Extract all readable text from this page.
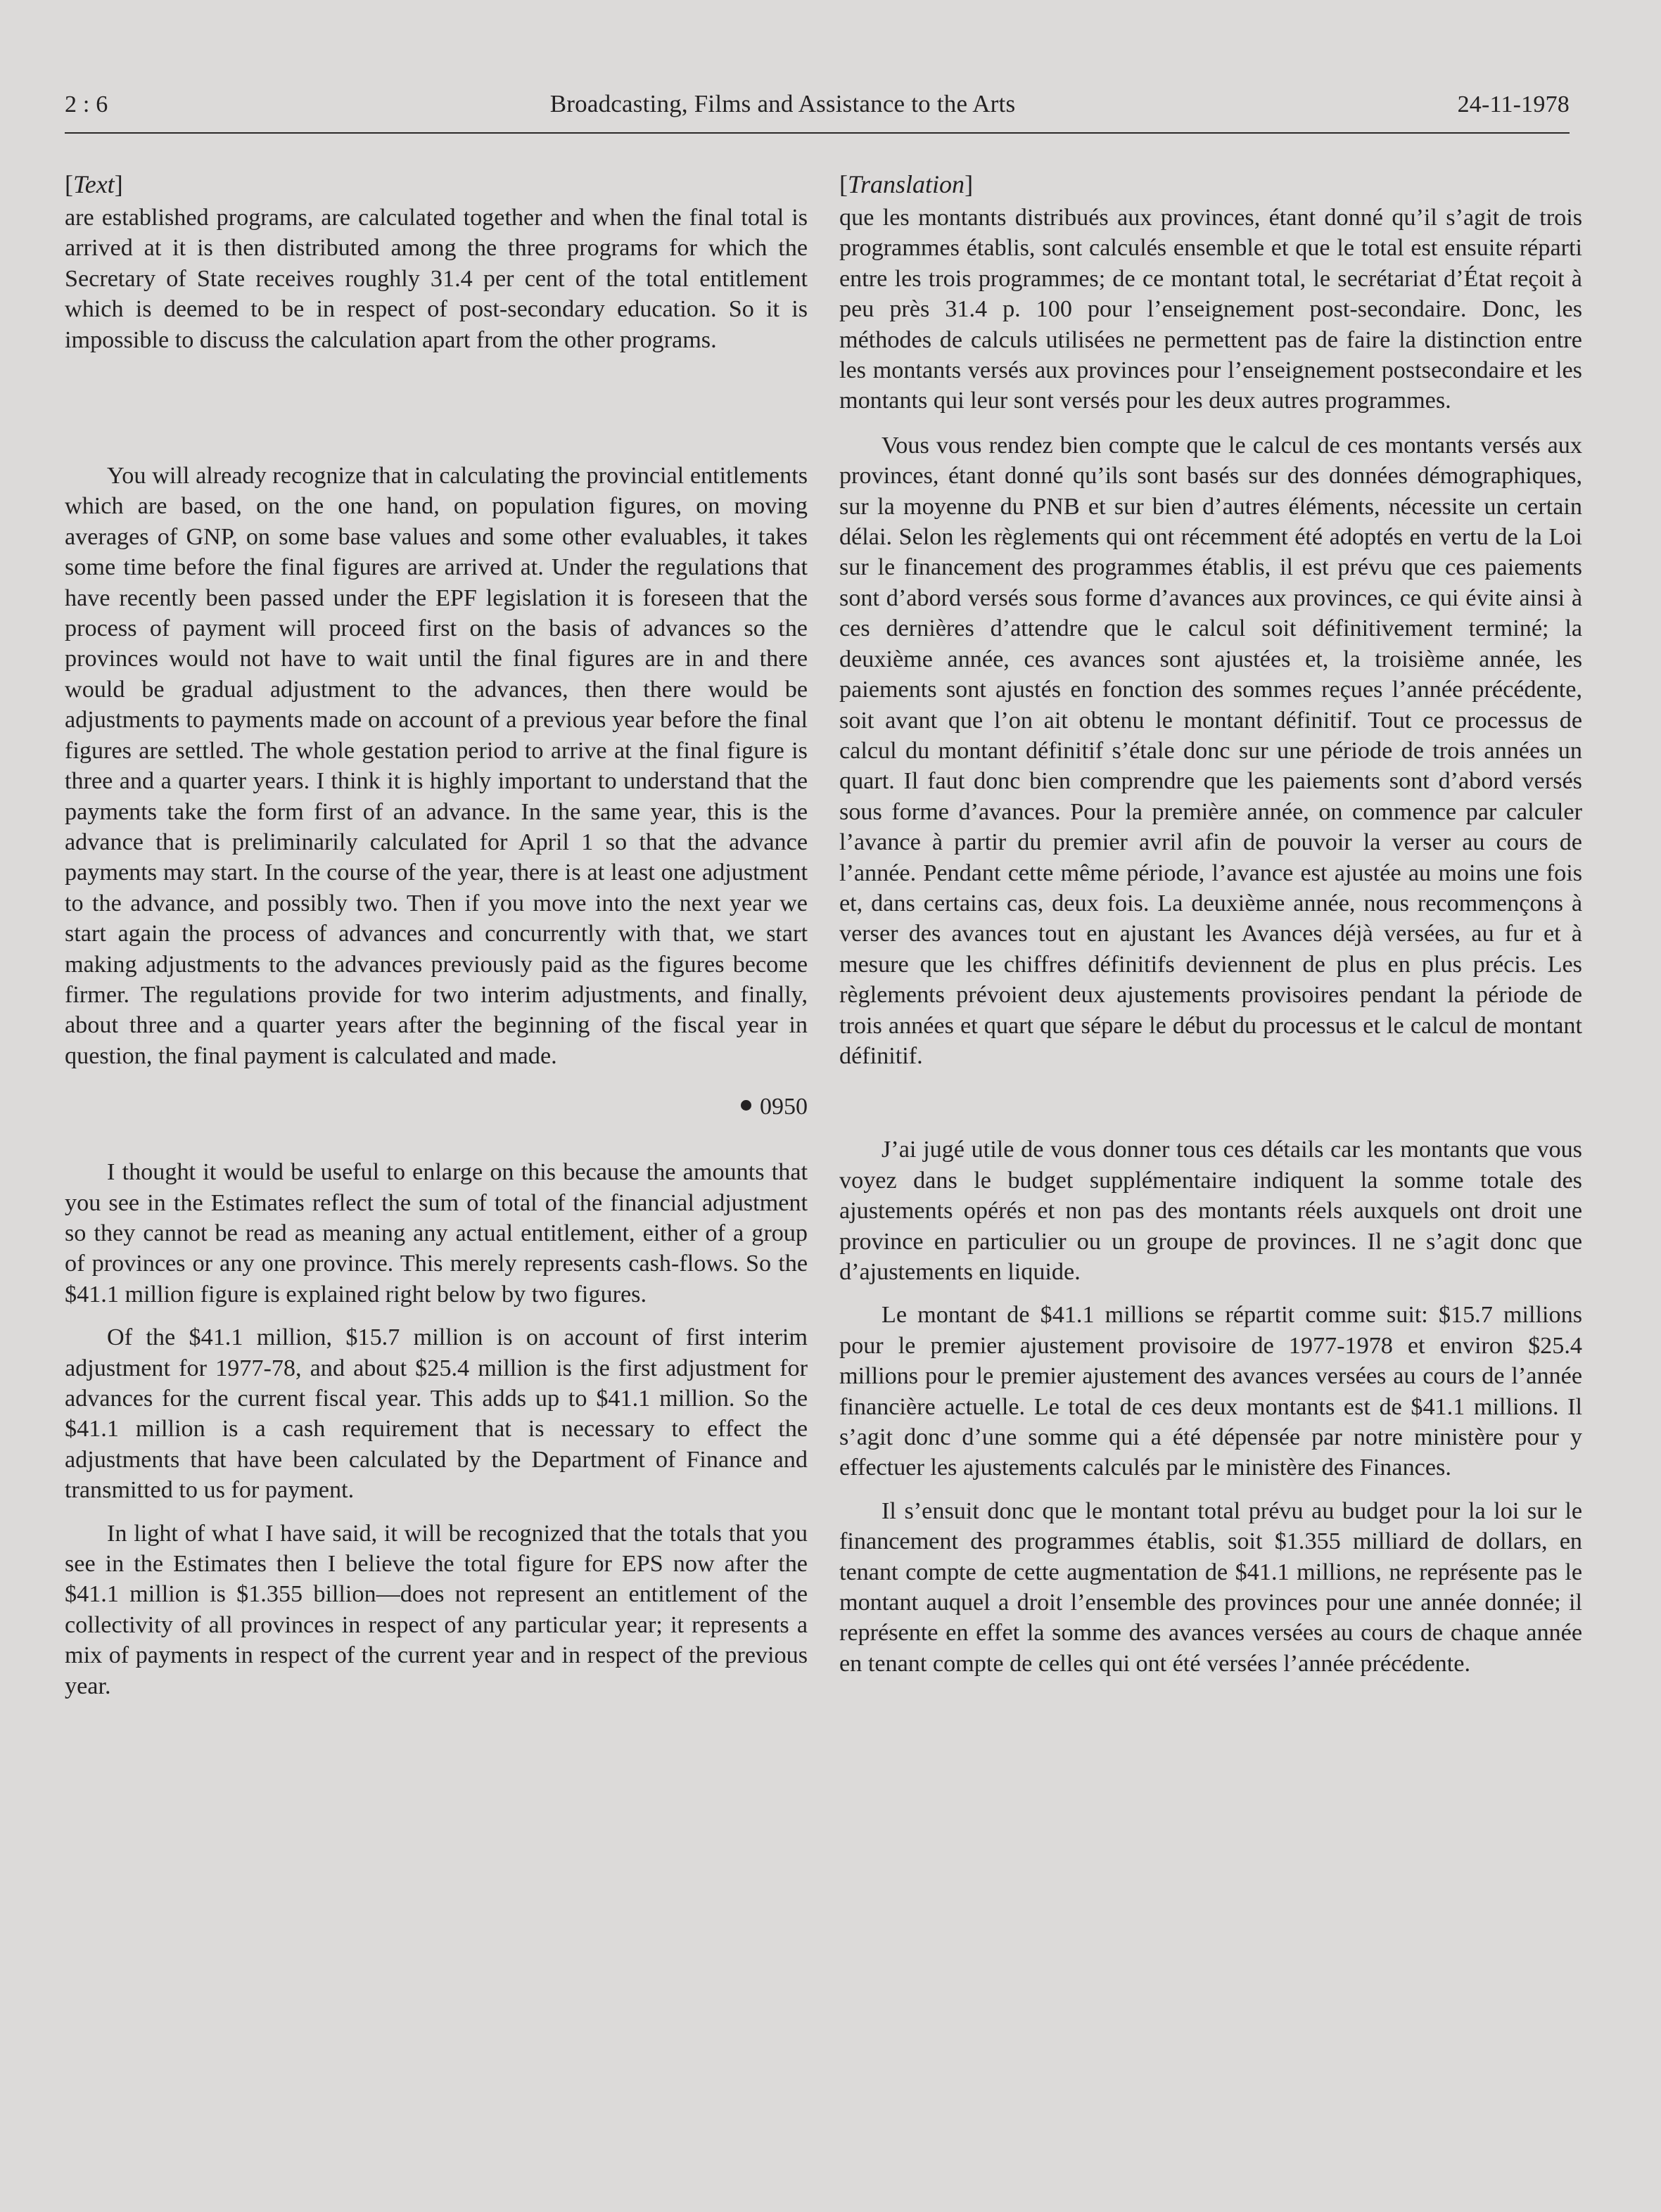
2 : 6	Broadcasting, Films and Assistance to the Arts	24-11-1978
[Text]

are established programs, are calculated together and when the final total is arrived at it is then distributed among the three programs for which the Secretary of State receives roughly 31.4 per cent of the total entitlement which is deemed to be in respect of post-secondary education. So it is impossible to discuss the calculation apart from the other programs.

You will already recognize that in calculating the provincial entitlements which are based, on the one hand, on population figures, on moving averages of GNP, on some base values and some other evaluables, it takes some time before the final figures are arrived at. Under the regulations that have recently been passed under the EPF legislation it is foreseen that the process of payment will proceed first on the basis of advances so the provinces would not have to wait until the final figures are in and there would be gradual adjustment to the advances, then there would be adjustments to payments made on account of a previous year before the final figures are settled. The whole gestation period to arrive at the final figure is three and a quarter years. I think it is highly important to understand that the payments take the form first of an advance. In the same year, this is the advance that is preliminarily calculated for April 1 so that the advance payments may start. In the course of the year, there is at least one adjustment to the advance, and possibly two. Then if you move into the next year we start again the process of advances and concurrently with that, we start making adjustments to the advances previously paid as the figures become firmer. The regulations provide for two interim adjustments, and finally, about three and a quarter years after the beginning of the fiscal year in question, the final payment is calculated and made.

0950

I thought it would be useful to enlarge on this because the amounts that you see in the Estimates reflect the sum of total of the financial adjustment so they cannot be read as meaning any actual entitlement, either of a group of provinces or any one province. This merely represents cash-flows. So the $41.1 million figure is explained right below by two figures.

Of the $41.1 million, $15.7 million is on account of first interim adjustment for 1977-78, and about $25.4 million is the first adjustment for advances for the current fiscal year. This adds up to $41.1 million. So the $41.1 million is a cash requirement that is necessary to effect the adjustments that have been calculated by the Department of Finance and transmitted to us for payment.

In light of what I have said, it will be recognized that the totals that you see in the Estimates then I believe the total figure for EPS now after the $41.1 million is $1.355 billion—does not represent an entitlement of the collectivity of all provinces in respect of any particular year; it represents a mix of payments in respect of the current year and in respect of the previous year.

[Translation]

que les montants distribués aux provinces, étant donné qu’il s’agit de trois programmes établis, sont calculés ensemble et que le total est ensuite réparti entre les trois programmes; de ce montant total, le secrétariat d’État reçoit à peu près 31.4 p. 100 pour l’enseignement post-secondaire. Donc, les méthodes de calculs utilisées ne permettent pas de faire la distinction entre les montants versés aux provinces pour l’enseignement postsecondaire et les montants qui leur sont versés pour les deux autres programmes.

Vous vous rendez bien compte que le calcul de ces montants versés aux provinces, étant donné qu’ils sont basés sur des données démographiques, sur la moyenne du PNB et sur bien d’autres éléments, nécessite un certain délai. Selon les règlements qui ont récemment été adoptés en vertu de la Loi sur le financement des programmes établis, il est prévu que ces paiements sont d’abord versés sous forme d’avances aux provinces, ce qui évite ainsi à ces dernières d’attendre que le calcul soit définitivement terminé; la deuxième année, ces avances sont ajustées et, la troisième année, les paiements sont ajustés en fonction des sommes reçues l’année précédente, soit avant que l’on ait obtenu le montant définitif. Tout ce processus de calcul du montant définitif s’étale donc sur une période de trois années un quart. Il faut donc bien comprendre que les paiements sont d’abord versés sous forme d’avances. Pour la première année, on commence par calculer l’avance à partir du premier avril afin de pouvoir la verser au cours de l’année. Pendant cette même période, l’avance est ajustée au moins une fois et, dans certains cas, deux fois. La deuxième année, nous recommençons à verser des avances tout en ajustant les Avances déjà versées, au fur et à mesure que les chiffres définitifs deviennent de plus en plus précis. Les règlements prévoient deux ajustements provisoires pendant la période de trois années et quart que sépare le début du processus et le calcul de montant définitif.

J’ai jugé utile de vous donner tous ces détails car les montants que vous voyez dans le budget supplémentaire indiquent la somme totale des ajustements opérés et non pas des montants réels auxquels ont droit une province en particulier ou un groupe de provinces. Il ne s’agit donc que d’ajustements en liquide.

Le montant de $41.1 millions se répartit comme suit: $15.7 millions pour le premier ajustement provisoire de 1977-1978 et environ $25.4 millions pour le premier ajustement des avances versées au cours de l’année financière actuelle. Le total de ces deux montants est de $41.1 millions. Il s’agit donc d’une somme qui a été dépensée par notre ministère pour y effectuer les ajustements calculés par le ministère des Finances.

Il s’ensuit donc que le montant total prévu au budget pour la loi sur le financement des programmes établis, soit $1.355 milliard de dollars, en tenant compte de cette augmentation de $41.1 millions, ne représente pas le montant auquel a droit l’ensemble des provinces pour une année donnée; il représente en effet la somme des avances versées au cours de chaque année en tenant compte de celles qui ont été versées l’année précédente.
